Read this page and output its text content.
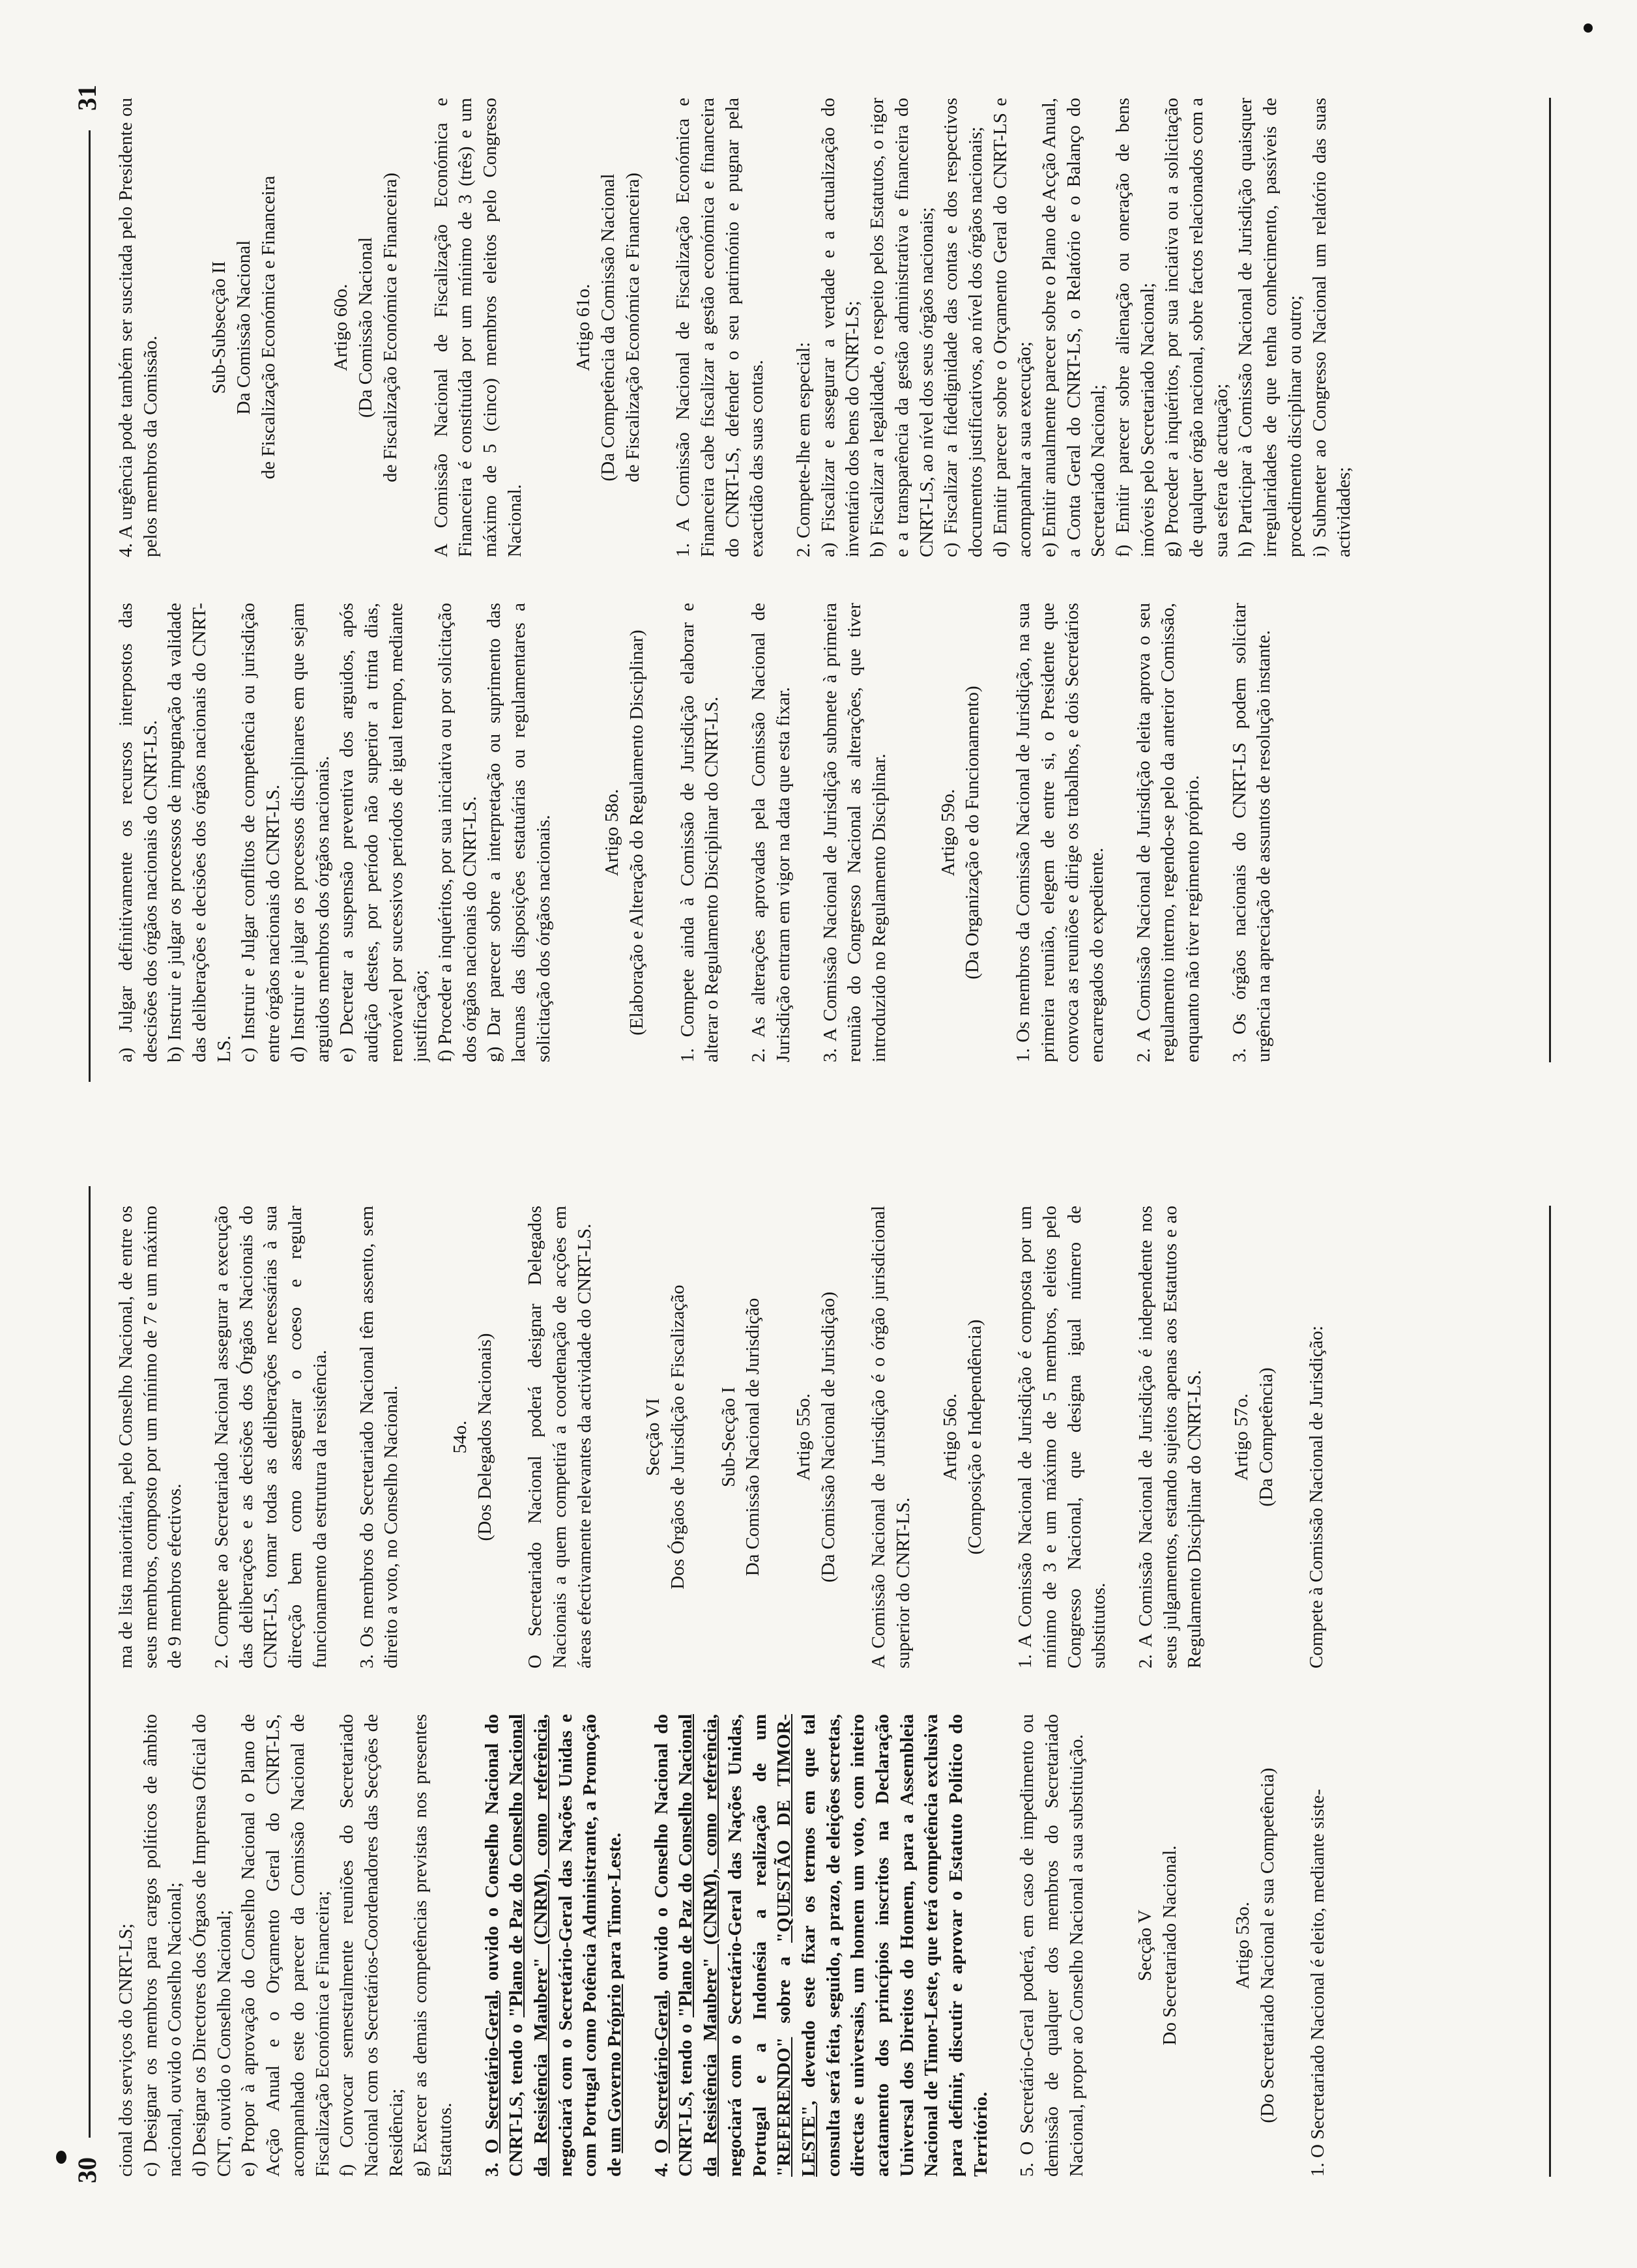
30 cional dos serviços do CNRT-LS; c) Designar os membros para cargos políticos de âmbito nacional, ouvido o Conselho Nacional; d) Designar os Directores dos Órgaos de Imprensa Oficial do CNT, ouvido o Conselho Nacional; e) Propor à aprovação do Conselho Nacional o Plano de Acção Anual e o Orçamento Geral do CNRT-LS, acompanhado este do parecer da Comissão Nacional de Fiscalização Económica e Financeira; f) Convocar semestralmente reuniões do Secretariado Nacional com os Secretários-Coordenadores das Secções de Residência; g) Exercer as demais competências previstas nos presentes Estatutos. 3. O Secretário-Geral, ouvido o Conselho Nacional do CNRT-LS, tendo o "Plano de Paz do Conselho Nacional da Resistência Maubere" (CNRM), como referência, negociará com o Secretário-Geral das Nações Unidas e com Portugal como Potência Administrante, a Promoção de um Governo Próprio para Timor-Leste.

4. O Secretário-Geral, ouvido o Conselho Nacional do CNRT-LS, tendo o "Plano de Paz do Conselho Nacional da Resistência Maubere" (CNRM), como referência, negociará com o Secretário-Geral das Nações Unidas, Portugal e a Indonésia a realização de um "REFERENDO" sobre a "QUESTÃO DE TIMOR-LESTE", devendo este fixar os termos em que tal consulta será feita, seguido, a prazo, de eleições secretas, directas e universais, um homem um voto, com inteiro acatamento dos princípios inscritos na Declaração Universal dos Direitos do Homem, para a Assembleia Nacional de Timor-Leste, que terá competência exclusiva para definir, discutir e aprovar o Estatuto Político do Território. 5. O Secretário-Geral poderá, em caso de impedimento ou demissão de qualquer dos membros do Secretariado Nacional, propor ao Conselho Nacional a sua substituição.	Secção V Do Secretariado Nacional.	Artigo 53o. (Do Secretariado Nacional e sua Competência) 1. O Secretariado Nacional é eleito, mediante siste-

ma de lista maioritária, pelo Conselho Nacional, de entre os seus membros, composto por um mínimo de 7 e um máximo de 9 membros efectivos. 2. Compete ao Secretariado Nacional assegurar a execução das deliberações e as decisões dos Órgãos Nacionais do CNRT-LS, tomar todas as deliberações necessárias à sua direcção bem como assegurar o coeso e regular funcionamento da estrutura da resistência. 3. Os membros do Secretariado Nacional têm assento, sem direito a voto, no Conselho Nacional.	54o. (Dos Delegados Nacionais) O Secretariado Nacional poderá designar Delegados Nacionais a quem competirá a coordenação de acções em áreas efectivamente relevantes da actividade do CNRT-LS.	Secção VI Dos Órgãos de Jurisdição e Fiscalização Sub-Secção I Da Comissão Nacional de Jurisdição Artigo 55o. (Da Comissão Nacional de Jurisdição) A Comissão Nacional de Jurisdição é o órgão jurisdicional superior do CNRT-LS.

Artigo 56o. (Composição e Independência) 1. A Comissão Nacional de Jurisdição é composta por um mínimo de 3 e um máximo de 5 membros, eleitos pelo Congresso Nacional, que designa igual número de substitutos. 2. A Comissão Nacional de Jurisdição é independente nos seus julgamentos, estando sujeitos apenas aos Estatutos e ao Regulamento Disciplinar do CNRT-LS. Artigo 57o. (Da Competência) Compete à Comissão Nacional de Jurisdição:

31

a) Julgar definitivamente os recursos interpostos das descisões dos órgãos nacionais do CNRT-LS. b) Instruir e julgar os processos de impugnação da validade das deliberações e decisões dos órgãos nacionais do CNRT-LS. c) Instruir e Julgar conflitos de competência ou jurisdição entre órgãos nacionais do CNRT-LS. d) Instruir e julgar os processos disciplinares em que sejam arguidos membros dos órgãos nacionais. e) Decretar a suspensão preventiva dos arguidos, após audição destes, por período não superior a trinta dias, renovável por sucessivos períodos de igual tempo, mediante justificação; f) Proceder a inquéritos, por sua iniciativa ou por solicitação dos órgãos nacionais do CNRT-LS. g) Dar parecer sobre a interpretação ou suprimento das lacunas das disposições estatuárias ou regulamentares a solicitação dos órgãos nacionais.	Artigo 58o. (Elaboração e Alteração do Regulamento Disciplinar) 1. Compete ainda à Comissão de Jurisdição elaborar e alterar o Regulamento Disciplinar do CNRT-LS. 2. As alterações aprovadas pela Comissão Nacional de Jurisdição entram em vigor na data que esta fixar. 3. A Comissão Nacional de Jurisdição submete à primeira reunião do Congresso Nacional as alterações, que tiver introduzido no Regulamento Disciplinar.	Artigo 59o. (Da Organização e do Funcionamento) 1. Os membros da Comissão Nacional de Jurisdição, na sua primeira reunião, elegem de entre si, o Presidente que convoca as reuniões e dirige os trabalhos, e dois Secretários encarregados do expediente. 2. A Comissão Nacional de Jurisdição eleita aprova o seu regulamento interno, regendo-se pelo da anterior Comissão, enquanto não tiver regimento próprio. 3. Os órgãos nacionais do CNRT-LS podem solicitar urgência na apreciação de assuntos de resolução instante.

4. A urgência pode também ser suscitada pelo Presidente ou pelos membros da Comissão.

Sub-Subsecção II Da Comissão Nacional de Fiscalização Económica e Financeira	Artigo 60o. (Da Comissão Nacional de Fiscalização Económica e Financeira) A Comissão Nacional de Fiscalização Económica e Financeira é constituída por um mínimo de 3 (três) e um máximo de 5 (cinco) membros eleitos pelo Congresso Nacional.

Artigo 61o. (Da Competência da Comissão Nacional de Fiscalização Económica e Financeira) 1. A Comissão Nacional de Fiscalização Económica e Financeira cabe fiscalizar a gestão económica e financeira do CNRT-LS, defender o seu património e pugnar pela exactidão das suas contas. 2. Compete-lhe em especial: a) Fiscalizar e assegurar a verdade e a actualização do inventário dos bens do CNRT-LS; b) Fiscalizar a legalidade, o respeito pelos Estatutos, o rigor e a transparência da gestão administrativa e financeira do CNRT-LS, ao nível dos seus órgãos nacionais; c) Fiscalizar a fidedignidade das contas e dos respectivos documentos justificativos, ao nível dos órgãos nacionais; d) Emitir parecer sobre o Orçamento Geral do CNRT-LS e acompanhar a sua execução; e) Emitir anualmente parecer sobre o Plano de Acção Anual, a Conta Geral do CNRT-LS, o Relatório e o Balanço do Secretariado Nacional; f) Emitir parecer sobre alienação ou oneração de bens imóveis pelo Secretariado Nacional; g) Proceder a inquéritos, por sua inciativa ou a solicitação de qualquer órgão nacional, sobre factos relacionados com a sua esfera de actuação; h) Participar à Comissão Nacional de Jurisdição quaisquer irregularidades de que tenha conhecimento, passíveis de procedimento disciplinar ou outro; i) Submeter ao Congresso Nacional um relatório das suas actividades;
